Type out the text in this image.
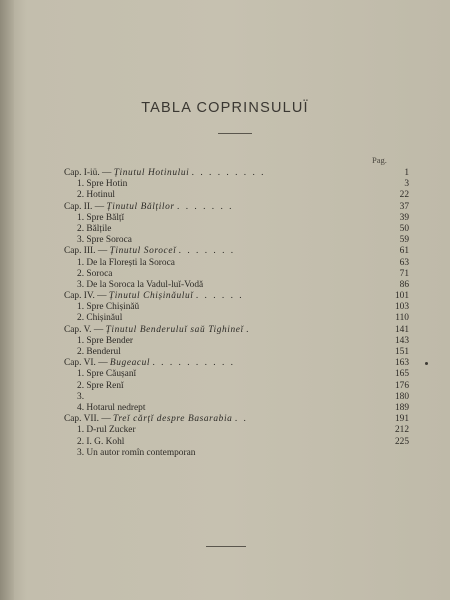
TABLA COPRINSULUÏ
Pag.
Cap. I-iü. — Ținutul Hotinului . . . . . . . . .	1
1. Spre Hotin	3
2. Hotinul	22
Cap. II. — Ținutul Bălților . . . . . . .	37
1. Spre Bălțĭ	39
2. Bălțile	50
3. Spre Soroca	59
Cap. III. — Ținutul Soroceĭ . . . . . . .	61
1. De la Florești la Soroca	63
2. Soroca	71
3. De la Soroca la Vadul-luĭ-Vodă	86
Cap. IV. — Ținutul Chișinăuluĭ . . . . . .	101
1. Spre Chișinăŭ	103
2. Chișinăul	110
Cap. V. — Ținutul Benderuluĭ saŭ Tighineĭ .	141
1. Spre Bender	143
2. Benderul	151
Cap. VI. — Bugeacul . . . . . . . . . .	163
1. Spre Căușanĭ	165
2. Spre Renĭ	176
3.	180
4. Hotarul nedrept	189
Cap. VII. — Treĭ cărțĭ despre Basarabia . .	191
1. D-rul Zucker	212
2. I. G. Kohl	225
3. Un autor romîn contemporan
